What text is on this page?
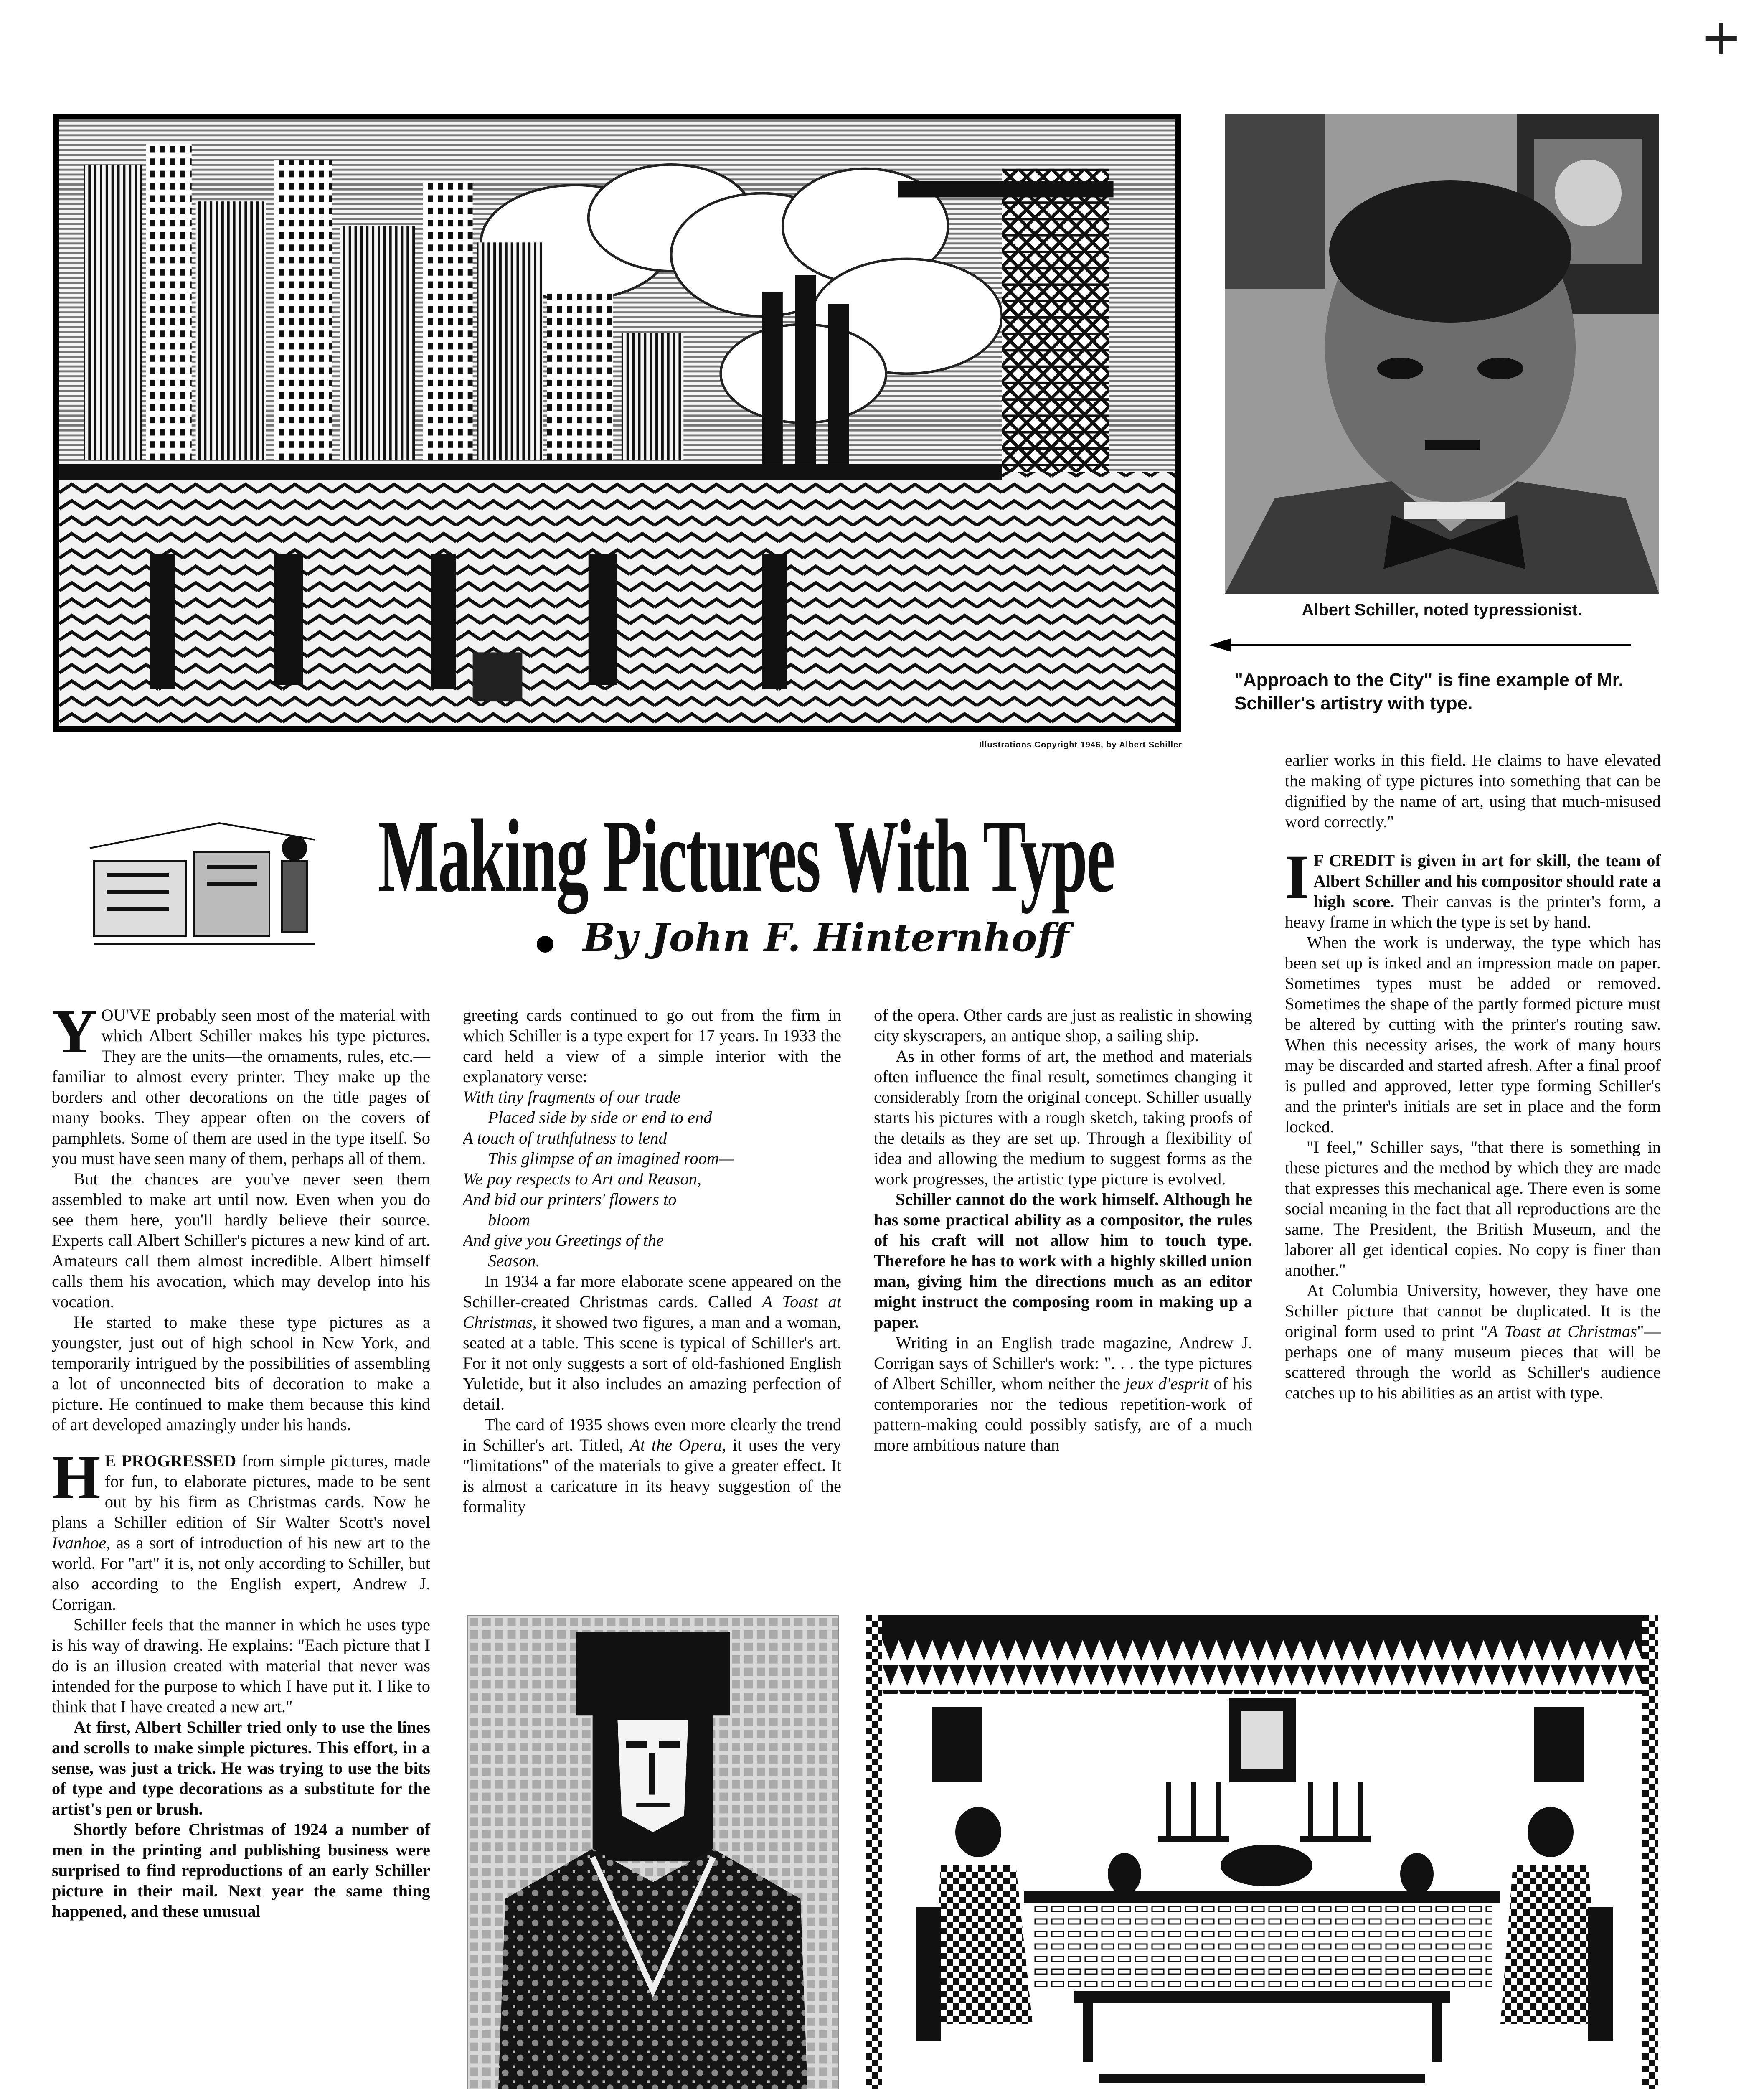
+
Albert Schiller, noted typressionist.
"Approach to the City" is fine example of Mr. Schiller's artistry with type.
Illustrations Copyright 1946, by Albert Schiller
Making Pictures With Type
By John F. Hinternhoff

YOU'VE probably seen most of the material with which Albert Schiller makes his type pictures. They are the units—the ornaments, rules, etc.—familiar to almost every printer. They make up the borders and other decorations on the title pages of many books. They appear often on the covers of pamphlets. Some of them are used in the type itself. So you must have seen many of them, perhaps all of them.

But the chances are you've never seen them assembled to make art until now. Even when you do see them here, you'll hardly believe their source. Experts call Albert Schiller's pictures a new kind of art. Amateurs call them almost incredible. Albert himself calls them his avocation, which may develop into his vocation.

He started to make these type pictures as a youngster, just out of high school in New York, and temporarily intrigued by the possibilities of assembling a lot of unconnected bits of decoration to make a picture. He continued to make them because this kind of art developed amazingly under his hands.

H E PROGRESSED from simple pictures, made for fun, to elaborate pictures, made to be sent out by his firm as Christmas cards. Now he plans a Schiller edition of Sir Walter Scott's novel Ivanhoe, as a sort of introduction of his new art to the world. For "art" it is, not only according to Schiller, but also according to the English expert, Andrew J. Corrigan.

Schiller feels that the manner in which he uses type is his way of drawing. He explains: "Each picture that I do is an illusion created with material that never was intended for the purpose to which I have put it. I like to think that I have created a new art."

At first, Albert Schiller tried only to use the lines and scrolls to make simple pictures. This effort, in a sense, was just a trick. He was trying to use the bits of type and type decorations as a substitute for the artist's pen or brush.

Shortly before Christmas of 1924 a number of men in the printing and publishing business were surprised to find reproductions of an early Schiller picture in their mail. Next year the same thing happened, and these unusual

greeting cards continued to go out from the firm in which Schiller is a type expert for 17 years. In 1933 the card held a view of a simple interior with the explanatory verse:

With tiny fragments of our trade
Placed side by side or end to end
A touch of truthfulness to lend
This glimpse of an imagined room—
We pay respects to Art and Reason,
And bid our printers' flowers to
bloom
And give you Greetings of the
Season.

In 1934 a far more elaborate scene appeared on the Schiller-created Christmas cards. Called A Toast at Christmas, it showed two figures, a man and a woman, seated at a table. This scene is typical of Schiller's art. For it not only suggests a sort of old-fashioned English Yuletide, but it also includes an amazing perfection of detail.

The card of 1935 shows even more clearly the trend in Schiller's art. Titled, At the Opera, it uses the very "limitations" of the materials to give a greater effect. It is almost a caricature in its heavy suggestion of the formality

of the opera. Other cards are just as realistic in showing city skyscrapers, an antique shop, a sailing ship.

As in other forms of art, the method and materials often influence the final result, sometimes changing it considerably from the original concept. Schiller usually starts his pictures with a rough sketch, taking proofs of the details as they are set up. Through a flexibility of idea and allowing the medium to suggest forms as the work progresses, the artistic type picture is evolved.

Schiller cannot do the work himself. Although he has some practical ability as a compositor, the rules of his craft will not allow him to touch type. Therefore he has to work with a highly skilled union man, giving him the directions much as an editor might instruct the composing room in making up a paper.

Writing in an English trade magazine, Andrew J. Corrigan says of Schiller's work: ". . . the type pictures of Albert Schiller, whom neither the jeux d'esprit of his contemporaries nor the tedious repetition-work of pattern-making could possibly satisfy, are of a much more ambitious nature than

earlier works in this field. He claims to have elevated the making of type pictures into something that can be dignified by the name of art, using that much-misused word correctly."

I F CREDIT is given in art for skill, the team of Albert Schiller and his compositor should rate a high score. Their canvas is the printer's form, a heavy frame in which the type is set by hand.

When the work is underway, the type which has been set up is inked and an impression made on paper. Sometimes types must be added or removed. Sometimes the shape of the partly formed picture must be altered by cutting with the printer's routing saw. When this necessity arises, the work of many hours may be discarded and started afresh. After a final proof is pulled and approved, letter type forming Schiller's and the printer's initials are set in place and the form locked.

"I feel," Schiller says, "that there is something in these pictures and the method by which they are made that expresses this mechanical age. There even is some social meaning in the fact that all reproductions are the same. The President, the British Museum, and the laborer all get identical copies. No copy is finer than another."

At Columbia University, however, they have one Schiller picture that cannot be duplicated. It is the original form used to print "A Toast at Christmas"—perhaps one of many museum pieces that will be scattered through the world as Schiller's audience catches up to his abilities as an artist with type.
